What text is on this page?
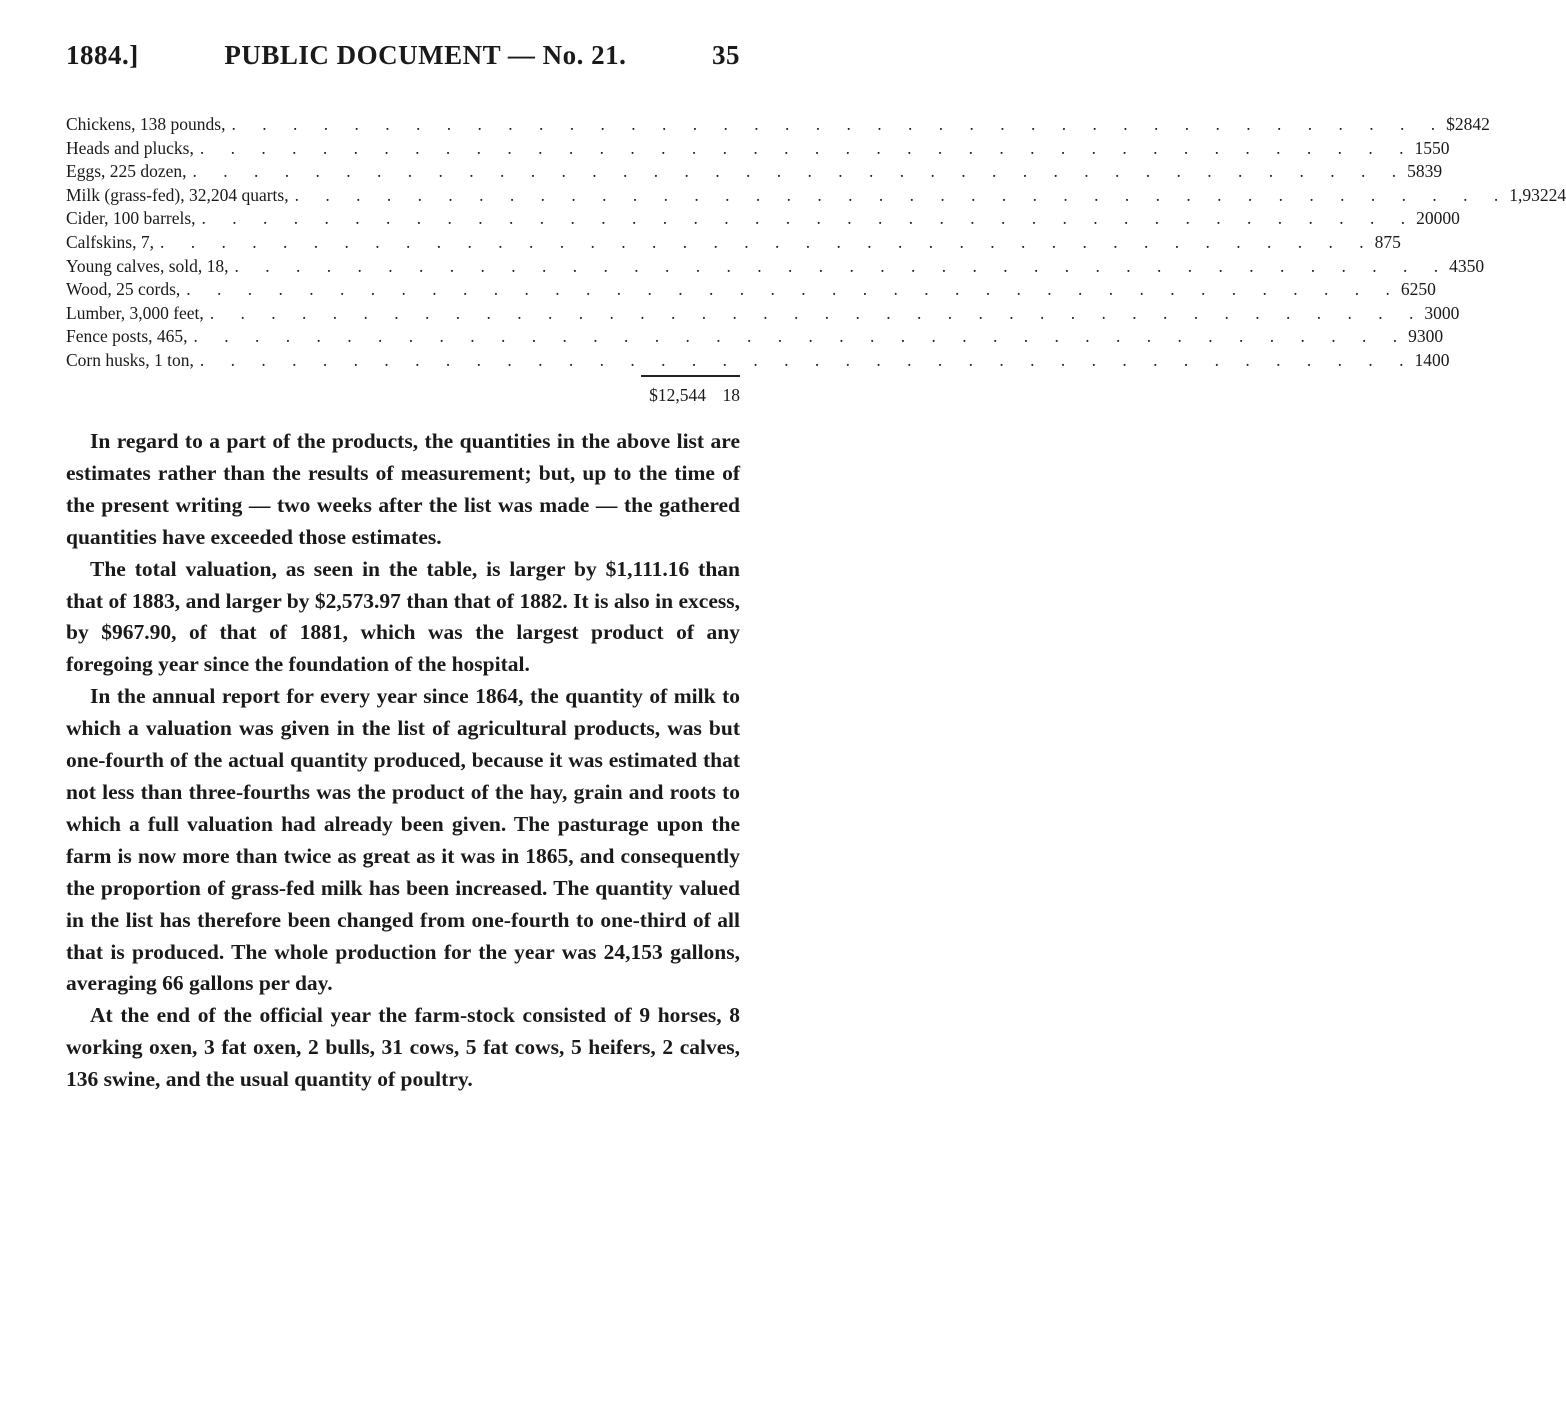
1884.]	PUBLIC DOCUMENT — No. 21.	35
Chickens, 138 pounds, . . . . . . . . . . . . . . . . . . . . . . . . . . . . . . . . . . . . . . . . $28 42
Heads and plucks, . . . . . . . . . . . . . . . . . . . . . . . . . . . . . . . . . . . . . . . . 15 50
Eggs, 225 dozen, . . . . . . . . . . . . . . . . . . . . . . . . . . . . . . . . . . . . . . . . 58 39
Milk (grass-fed), 32,204 quarts, . . . . . . . . . . . . . . . . . . . . . . . . . . . . . . . . . . . . . . . . 1,932 24
Cider, 100 barrels, . . . . . . . . . . . . . . . . . . . . . . . . . . . . . . . . . . . . . . . . 200 00
Calfskins, 7, . . . . . . . . . . . . . . . . . . . . . . . . . . . . . . . . . . . . . . . . 8 75
Young calves, sold, 18, . . . . . . . . . . . . . . . . . . . . . . . . . . . . . . . . . . . . . . . . 43 50
Wood, 25 cords, . . . . . . . . . . . . . . . . . . . . . . . . . . . . . . . . . . . . . . . . 62 50
Lumber, 3,000 feet, . . . . . . . . . . . . . . . . . . . . . . . . . . . . . . . . . . . . . . . . 30 00
Fence posts, 465, . . . . . . . . . . . . . . . . . . . . . . . . . . . . . . . . . . . . . . . . 93 00
Corn husks, 1 ton, . . . . . . . . . . . . . . . . . . . . . . . . . . . . . . . . . . . . . . . . 14 00
$12,544 18

In regard to a part of the products, the quantities in the above list are estimates rather than the results of measurement; but, up to the time of the present writing — two weeks after the list was made — the gathered quantities have exceeded those estimates.

The total valuation, as seen in the table, is larger by $1,111.16 than that of 1883, and larger by $2,573.97 than that of 1882. It is also in excess, by $967.90, of that of 1881, which was the largest product of any foregoing year since the foundation of the hospital.

In the annual report for every year since 1864, the quantity of milk to which a valuation was given in the list of agricultural products, was but one-fourth of the actual quantity produced, because it was estimated that not less than three-fourths was the product of the hay, grain and roots to which a full valuation had already been given. The pasturage upon the farm is now more than twice as great as it was in 1865, and consequently the proportion of grass-fed milk has been increased. The quantity valued in the list has therefore been changed from one-fourth to one-third of all that is produced. The whole production for the year was 24,153 gallons, averaging 66 gallons per day.

At the end of the official year the farm-stock consisted of 9 horses, 8 working oxen, 3 fat oxen, 2 bulls, 31 cows, 5 fat cows, 5 heifers, 2 calves, 136 swine, and the usual quantity of poultry.
